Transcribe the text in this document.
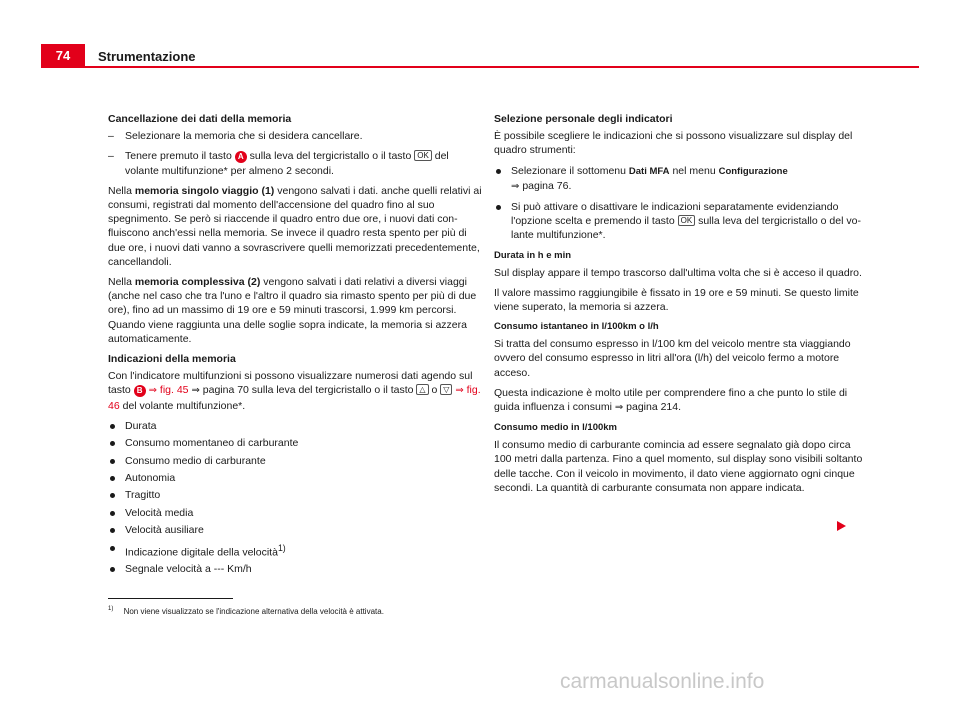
74	Strumentazione
Cancellazione dei dati della memoria
– Selezionare la memoria che si desidera cancellare.
– Tenere premuto il tasto A sulla leva del tergicristallo o il tasto OK del volante multifunzione* per almeno 2 secondi.

Nella memoria singolo viaggio (1) vengono salvati i dati. anche quelli relativi ai consumi, registrati dal momento dell'accensione del quadro fino al suo spegnimento. Se però si riaccende il quadro entro due ore, i nuovi dati confluiscono anch'essi nella memoria. Se invece il quadro resta spento per più di due ore, i nuovi dati vanno a sovrascrivere quelli memorizzati precedentemente, cancellandoli.

Nella memoria complessiva (2) vengono salvati i dati relativi a diversi viaggi (anche nel caso che tra l'uno e l'altro il quadro sia rimasto spento per più di due ore), fino ad un massimo di 19 ore e 59 minuti trascorsi, 1.999 km percorsi. Quando viene raggiunta una delle soglie sopra indicate, la memoria si azzera automaticamente.

Indicazioni della memoria

Con l'indicatore multifunzioni si possono visualizzare numerosi dati agendo sul tasto B ⇒ fig. 45 ⇒ pagina 70 sulla leva del tergicristallo o il tasto △ o ▽ ⇒ fig. 46 del volante multifunzione*.

Durata
Consumo momentaneo di carburante
Consumo medio di carburante
Autonomia
Tragitto
Velocità media
Velocità ausiliare
Indicazione digitale della velocità$^{1)}$
Segnale velocità a --- Km/h
Selezione personale degli indicatori

È possibile scegliere le indicazioni che si possono visualizzare sul display del quadro strumenti:

Selezionare il sottomenu Dati MFA nel menu Configurazione
⇒ pagina 76.
Si può attivare o disattivare le indicazioni separatamente evidenziando l'opzione scelta e premendo il tasto OK sulla leva del tergicristallo o del volante multifunzione*.
Durata in h e min

Sul display appare il tempo trascorso dall'ultima volta che si è acceso il quadro.

Il valore massimo raggiungibile è fissato in 19 ore e 59 minuti. Se questo limite viene superato, la memoria si azzera.

Consumo istantaneo in l/100km o l/h

Si tratta del consumo espresso in l/100 km del veicolo mentre sta viaggiando ovvero del consumo espresso in litri all'ora (l/h) del veicolo fermo a motore acceso.

Questa indicazione è molto utile per comprendere fino a che punto lo stile di guida influenza i consumi ⇒ pagina 214.

Consumo medio in l/100km

Il consumo medio di carburante comincia ad essere segnalato già dopo circa 100 metri dalla partenza. Fino a quel momento, sul display sono visibili soltanto delle tacche. Con il veicolo in movimento, il dato viene aggiornato ogni cinque secondi. La quantità di carburante consumata non appare indicata.

$^{1)}$ Non viene visualizzato se l'indicazione alternativa della velocità è attivata.
carmanualsonline.info
